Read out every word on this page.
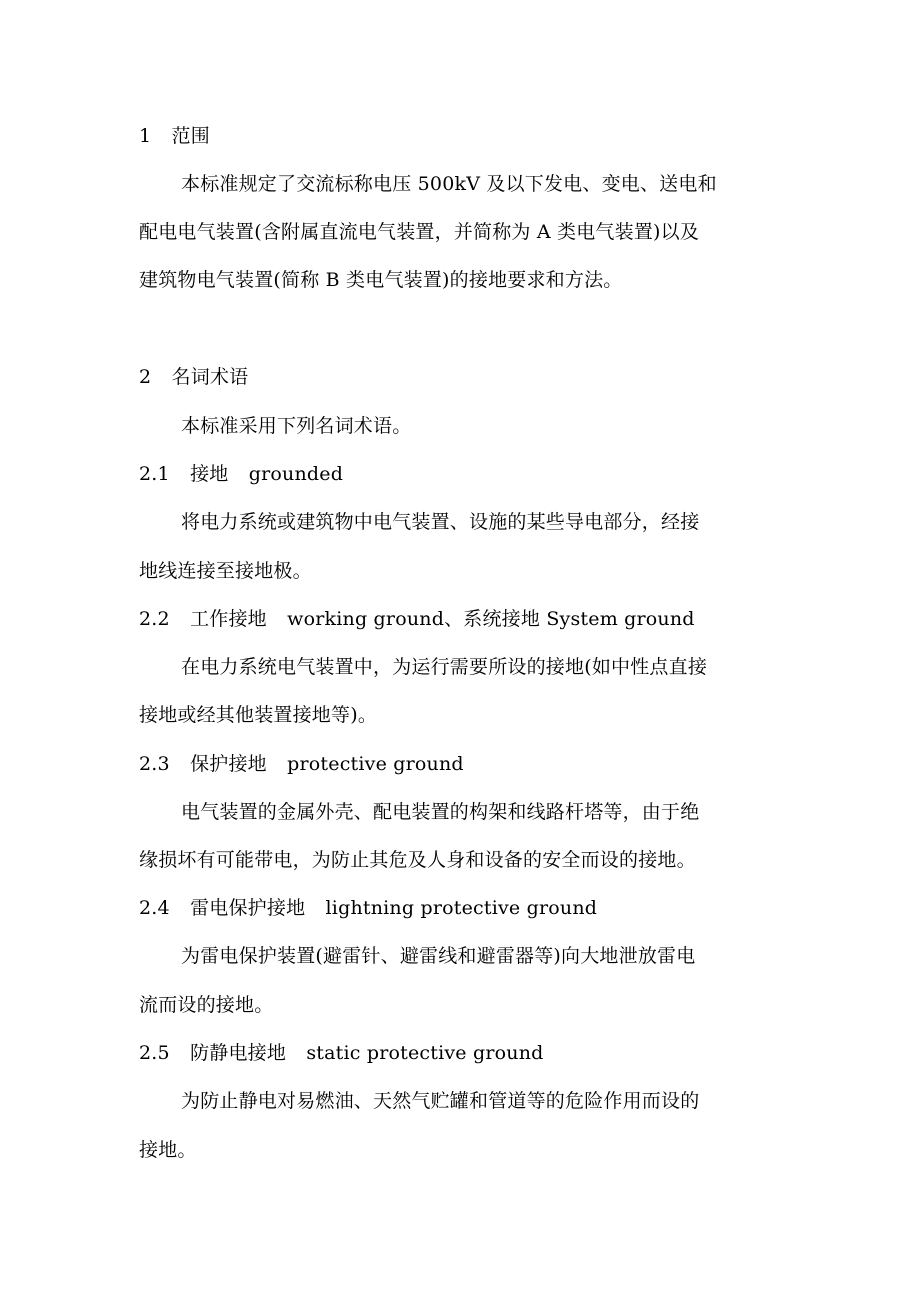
1 范围
本标准规定了交流标称电压 500kV 及以下发电、变电、送电和
配电电气装置(含附属直流电气装置，并简称为 A 类电气装置)以及
建筑物电气装置(简称 B 类电气装置)的接地要求和方法。
2 名词术语
本标准采用下列名词术语。
2.1 接地 grounded
将电力系统或建筑物中电气装置、设施的某些导电部分，经接
地线连接至接地极。
2.2 工作接地 working ground、系统接地 System ground
在电力系统电气装置中，为运行需要所设的接地(如中性点直接
接地或经其他装置接地等)。
2.3 保护接地 protective ground
电气装置的金属外壳、配电装置的构架和线路杆塔等，由于绝
缘损坏有可能带电，为防止其危及人身和设备的安全而设的接地。
2.4 雷电保护接地 lightning protective ground
为雷电保护装置(避雷针、避雷线和避雷器等)向大地泄放雷电
流而设的接地。
2.5 防静电接地 static protective ground
为防止静电对易燃油、天然气贮罐和管道等的危险作用而设的
接地。
